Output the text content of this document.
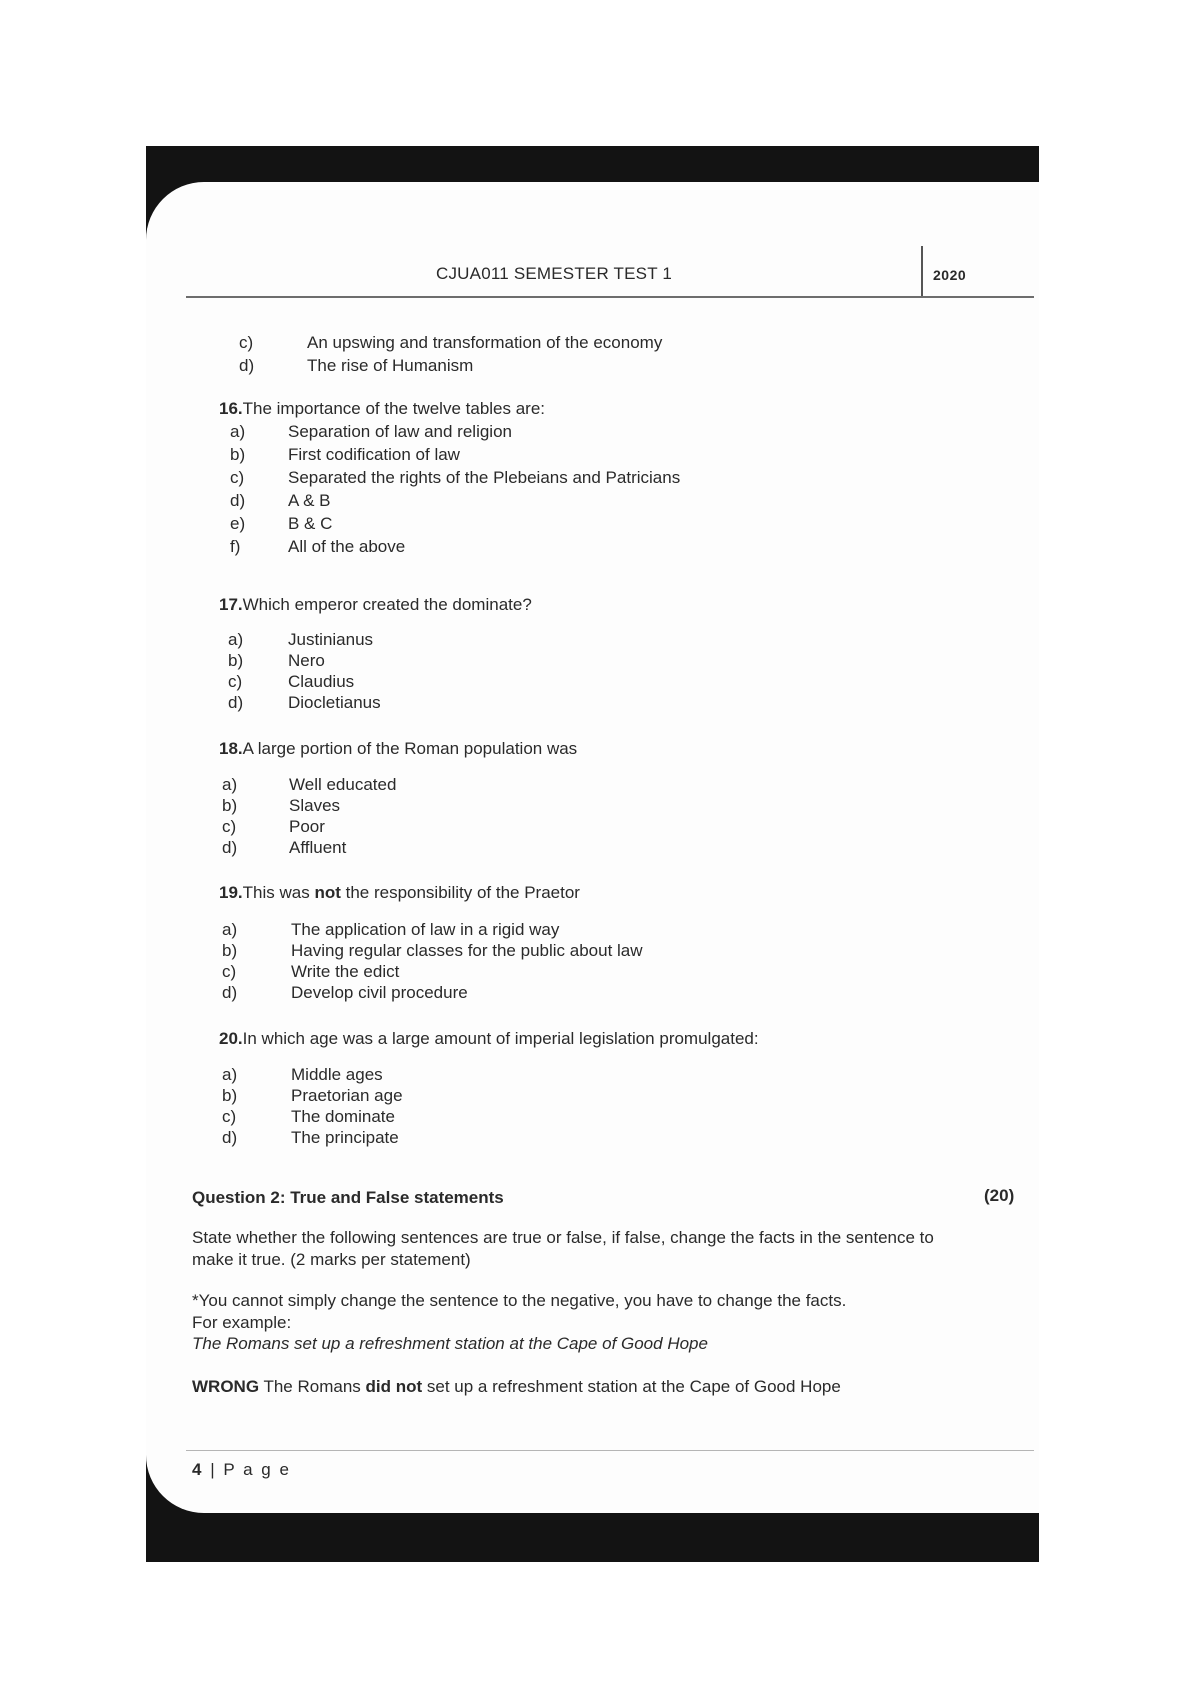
CJUA011 SEMESTER TEST 1	2020
c)	An upswing and transformation of the economy
d)	The rise of Humanism
16.The importance of the twelve tables are:
a)	Separation of law and religion
b)	First codification of law
c)	Separated the rights of the Plebeians and Patricians
d)	A & B
e)	B & C
f)	All of the above
17.Which emperor created the dominate?
a)	Justinianus
b)	Nero
c)	Claudius
d)	Diocletianus
18.A large portion of the Roman population was
a)	Well educated
b)	Slaves
c)	Poor
d)	Affluent
19.This was not the responsibility of the Praetor
a)	The application of law in a rigid way
b)	Having regular classes for the public about law
c)	Write the edict
d)	Develop civil procedure
20.In which age was a large amount of imperial legislation promulgated:
a)	Middle ages
b)	Praetorian age
c)	The dominate
d)	The principate
Question 2: True and False statements	(20)
State whether the following sentences are true or false, if false, change the facts in the sentence to
make it true. (2 marks per statement)
*You cannot simply change the sentence to the negative, you have to change the facts.
For example:
The Romans set up a refreshment station at the Cape of Good Hope
WRONG The Romans did not set up a refreshment station at the Cape of Good Hope
4 | P a g e
